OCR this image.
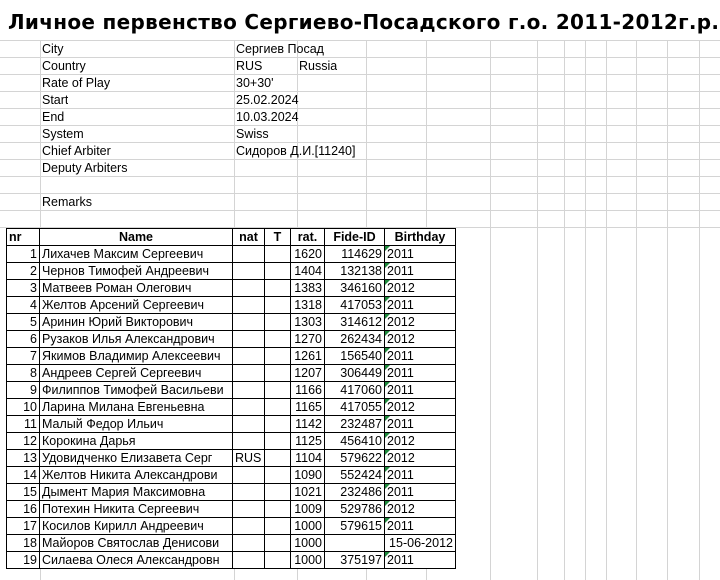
Личное первенство Сергиево-Посадского г.о. 2011-2012г.р.
City	Сергиев Посад
Country	RUS	Russia
Rate of Play	30+30'
Start	25.02.2024
End	10.03.2024
System	Swiss
Chief Arbiter	Сидоров Д.И.[11240]
Deputy Arbiters
Remarks
nr	Name	nat	T	rat.	Fide-ID	Birthday
1	Лихачев Максим Сергеевич			1620	114629	2011
2	Чернов Тимофей Андреевич			1404	132138	2011
3	Матвеев Роман Олегович			1383	346160	2012
4	Желтов Арсений Сергеевич			1318	417053	2011
5	Аринин Юрий Викторович			1303	314612	2012
6	Рузаков Илья Александрович			1270	262434	2012
7	Якимов Владимир Алексеевич			1261	156540	2011
8	Андреев Сергей Сергеевич			1207	306449	2011
9	Филиппов Тимофей Васильеви			1166	417060	2011
10	Ларина Милана Евгеньевна			1165	417055	2012
11	Малый Федор Ильич			1142	232487	2011
12	Корокина Дарья			1125	456410	2012
13	Удовидченко Елизавета Серг	RUS		1104	579622	2012
14	Желтов Никита Александрови			1090	552424	2011
15	Дымент Мария Максимовна			1021	232486	2011
16	Потехин Никита Сергеевич			1009	529786	2012
17	Косилов Кирилл Андреевич			1000	579615	2011
18	Майоров Святослав Денисови			1000		15-06-2012
19	Силаева Олеся Александровн			1000	375197	2011
